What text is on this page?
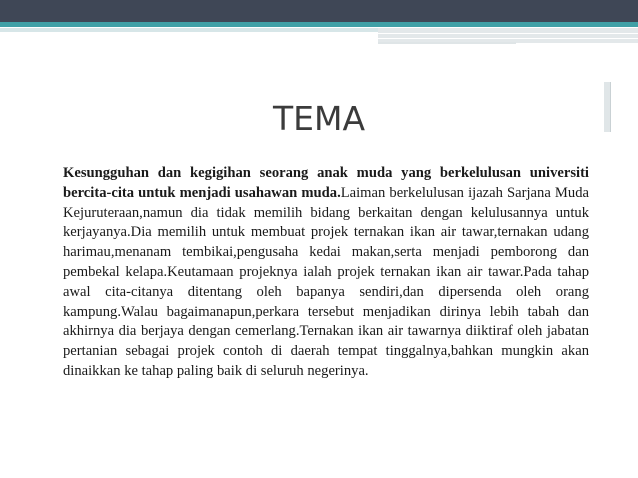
TEMA
Kesungguhan dan kegigihan seorang anak muda yang berkelulusan universiti bercita-cita untuk menjadi usahawan muda.Laiman berkelulusan ijazah Sarjana Muda Kejuruteraan,namun dia tidak memilih bidang berkaitan dengan kelulusannya untuk kerjayanya.Dia memilih untuk membuat projek ternakan ikan air tawar,ternakan udang harimau,menanam tembikai,pengusaha kedai makan,serta menjadi pemborong dan pembekal kelapa.Keutamaan projeknya ialah projek ternakan ikan air tawar.Pada tahap awal cita-citanya ditentang oleh bapanya sendiri,dan dipersenda oleh orang kampung.Walau bagaimanapun,perkara tersebut menjadikan dirinya lebih tabah dan akhirnya dia berjaya dengan cemerlang.Ternakan ikan air tawarnya diiktiraf oleh jabatan pertanian sebagai projek contoh di daerah tempat tinggalnya,bahkan mungkin akan dinaikkan ke tahap paling baik di seluruh negerinya.
